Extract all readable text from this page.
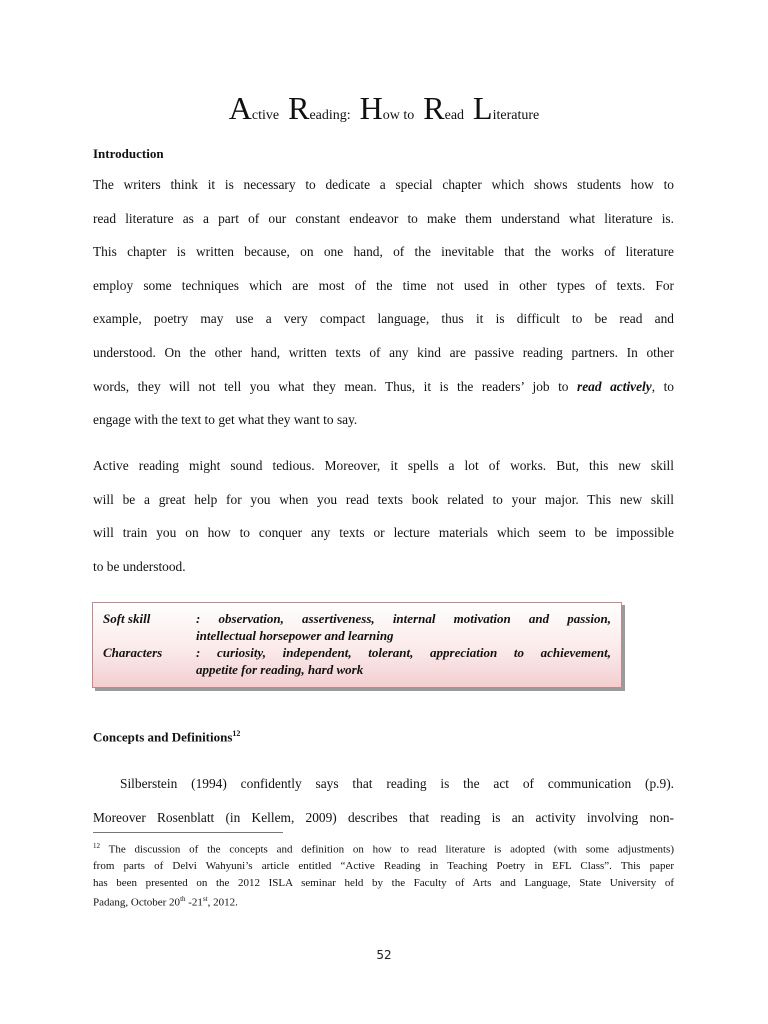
Active Reading: How to Read Literature
Introduction
The writers think it is necessary to dedicate a special chapter which shows students how to
read literature as a part of our constant endeavor to make them understand what literature is.
This chapter is written because, on one hand, of the inevitable that the works of literature
employ some techniques which are most of the time not used in other types of texts. For
example, poetry may use a very compact language, thus it is difficult to be read and
understood. On the other hand, written texts of any kind are passive reading partners. In other
words, they will not tell you what they mean. Thus, it is the readers’ job to read actively, to
engage with the text to get what they want to say.
Active reading might sound tedious. Moreover, it spells a lot of works. But, this new skill
will be a great help for you when you read texts book related to your major. This new skill
will train you on how to conquer any texts or lecture materials which seem to be impossible
to be understood.
Soft skill	: observation, assertiveness, internal motivation and passion,
intellectual horsepower and learning
Characters	: curiosity, independent, tolerant, appreciation to achievement,
appetite for reading, hard work
Concepts and Definitions$^{12}$
Silberstein (1994) confidently says that reading is the act of communication (p.9).
Moreover Rosenblatt (in Kellem, 2009) describes that reading is an activity involving non-
$^{12}$ The discussion of the concepts and definition on how to read literature is adopted (with some adjustments)
from parts of Delvi Wahyuni’s article entitled “Active Reading in Teaching Poetry in EFL Class”. This paper
has been presented on the 2012 ISLA seminar held by the Faculty of Arts and Language, State University of
Padang, October 20th -21st, 2012.
52
